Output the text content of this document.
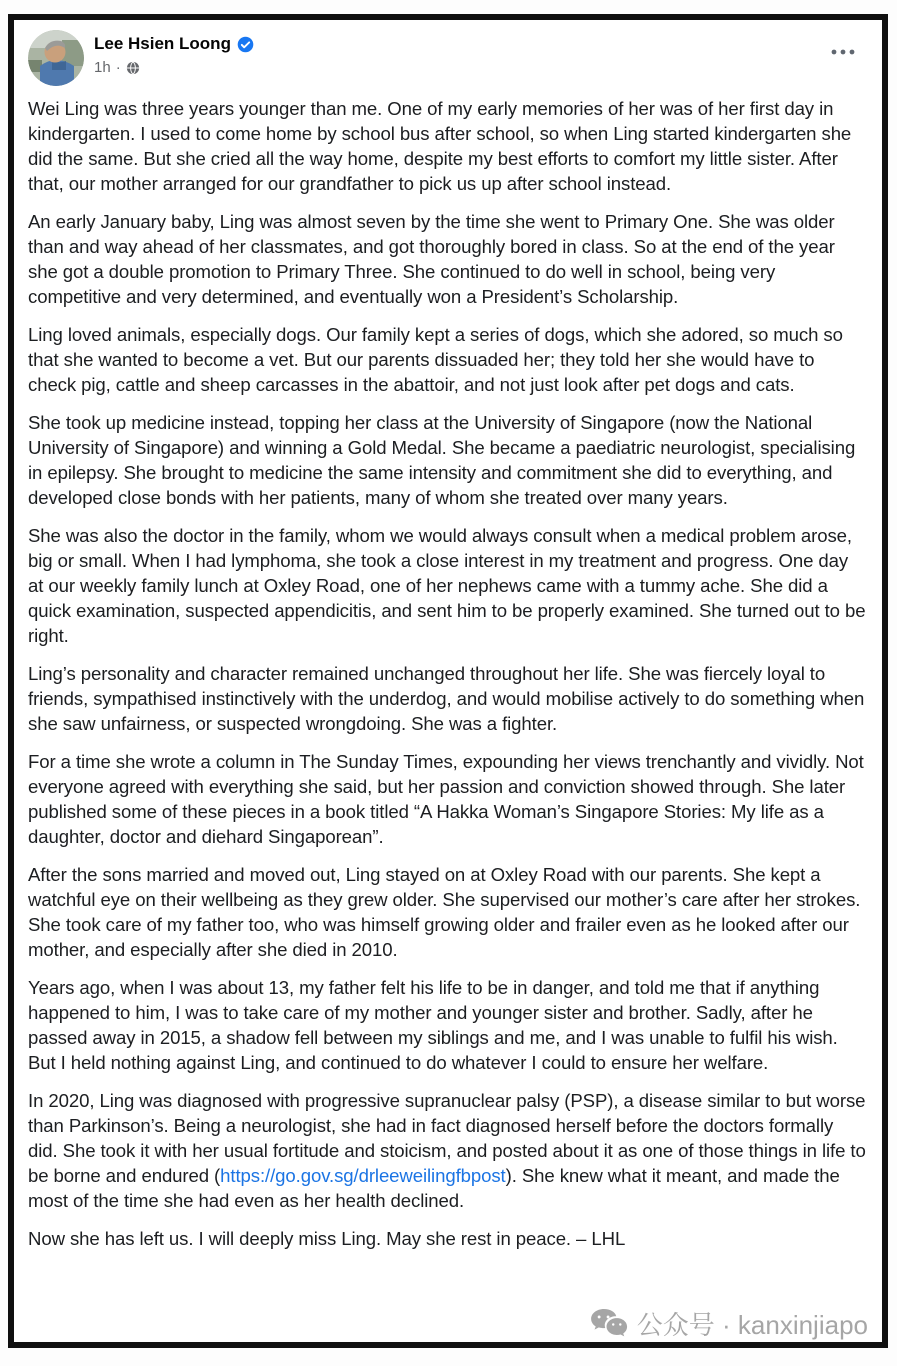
Lee Hsien Loong
1h ·

Wei Ling was three years younger than me. One of my early memories of her was of her first day in kindergarten. I used to come home by school bus after school, so when Ling started kindergarten she did the same. But she cried all the way home, despite my best efforts to comfort my little sister. After that, our mother arranged for our grandfather to pick us up after school instead.

An early January baby, Ling was almost seven by the time she went to Primary One. She was older than and way ahead of her classmates, and got thoroughly bored in class. So at the end of the year she got a double promotion to Primary Three. She continued to do well in school, being very competitive and very determined, and eventually won a President’s Scholarship.

Ling loved animals, especially dogs. Our family kept a series of dogs, which she adored, so much so that she wanted to become a vet. But our parents dissuaded her; they told her she would have to check pig, cattle and sheep carcasses in the abattoir, and not just look after pet dogs and cats.

She took up medicine instead, topping her class at the University of Singapore (now the National University of Singapore) and winning a Gold Medal. She became a paediatric neurologist, specialising in epilepsy. She brought to medicine the same intensity and commitment she did to everything, and developed close bonds with her patients, many of whom she treated over many years.

She was also the doctor in the family, whom we would always consult when a medical problem arose, big or small. When I had lymphoma, she took a close interest in my treatment and progress. One day at our weekly family lunch at Oxley Road, one of her nephews came with a tummy ache. She did a quick examination, suspected appendicitis, and sent him to be properly examined. She turned out to be right.

Ling’s personality and character remained unchanged throughout her life. She was fiercely loyal to friends, sympathised instinctively with the underdog, and would mobilise actively to do something when she saw unfairness, or suspected wrongdoing. She was a fighter.

For a time she wrote a column in The Sunday Times, expounding her views trenchantly and vividly. Not everyone agreed with everything she said, but her passion and conviction showed through. She later published some of these pieces in a book titled “A Hakka Woman’s Singapore Stories: My life as a daughter, doctor and diehard Singaporean”.

After the sons married and moved out, Ling stayed on at Oxley Road with our parents. She kept a watchful eye on their wellbeing as they grew older. She supervised our mother’s care after her strokes. She took care of my father too, who was himself growing older and frailer even as he looked after our mother, and especially after she died in 2010.

Years ago, when I was about 13, my father felt his life to be in danger, and told me that if anything happened to him, I was to take care of my mother and younger sister and brother. Sadly, after he passed away in 2015, a shadow fell between my siblings and me, and I was unable to fulfil his wish. But I held nothing against Ling, and continued to do whatever I could to ensure her welfare.

In 2020, Ling was diagnosed with progressive supranuclear palsy (PSP), a disease similar to but worse than Parkinson’s. Being a neurologist, she had in fact diagnosed herself before the doctors formally did. She took it with her usual fortitude and stoicism, and posted about it as one of those things in life to be borne and endured (https://go.gov.sg/drleeweilingfbpost). She knew what it meant, and made the most of the time she had even as her health declined.

Now she has left us. I will deeply miss Ling. May she rest in peace. – LHL

公众号 · kanxinjiapo
